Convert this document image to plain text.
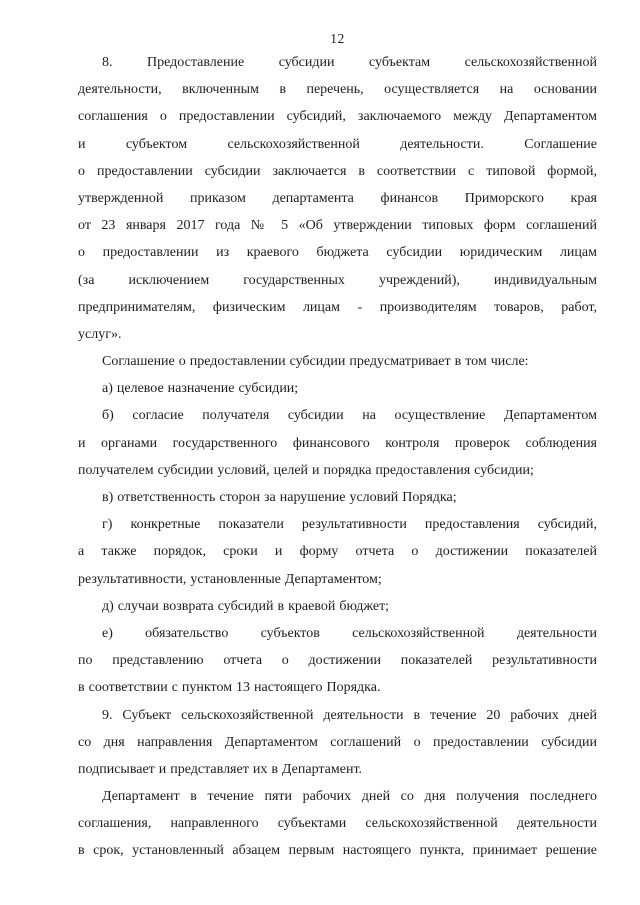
12
8. Предоставление субсидии субъектам сельскохозяйственной
деятельности, включенным в перечень, осуществляется на основании
соглашения о предоставлении субсидий, заключаемого между Департаментом
и субъектом сельскохозяйственной деятельности. Соглашение
о предоставлении субсидии заключается в соответствии с типовой формой,
утвержденной приказом департамента финансов Приморского края
от 23 января 2017 года № 5 «Об утверждении типовых форм соглашений
о предоставлении из краевого бюджета субсидии юридическим лицам
(за исключением государственных учреждений), индивидуальным
предпринимателям, физическим лицам - производителям товаров, работ,
услуг».
Соглашение о предоставлении субсидии предусматривает в том числе:
а) целевое назначение субсидии;
б) согласие получателя субсидии на осуществление Департаментом
и органами государственного финансового контроля проверок соблюдения
получателем субсидии условий, целей и порядка предоставления субсидии;
в) ответственность сторон за нарушение условий Порядка;
г) конкретные показатели результативности предоставления субсидий,
а также порядок, сроки и форму отчета о достижении показателей
результативности, установленные Департаментом;
д) случаи возврата субсидий в краевой бюджет;
е) обязательство субъектов сельскохозяйственной деятельности
по представлению отчета о достижении показателей результативности
в соответствии с пунктом 13 настоящего Порядка.
9. Субъект сельскохозяйственной деятельности в течение 20 рабочих дней
со дня направления Департаментом соглашений о предоставлении субсидии
подписывает и представляет их в Департамент.
Департамент в течение пяти рабочих дней со дня получения последнего
соглашения, направленного субъектами сельскохозяйственной деятельности
в срок, установленный абзацем первым настоящего пункта, принимает решение
